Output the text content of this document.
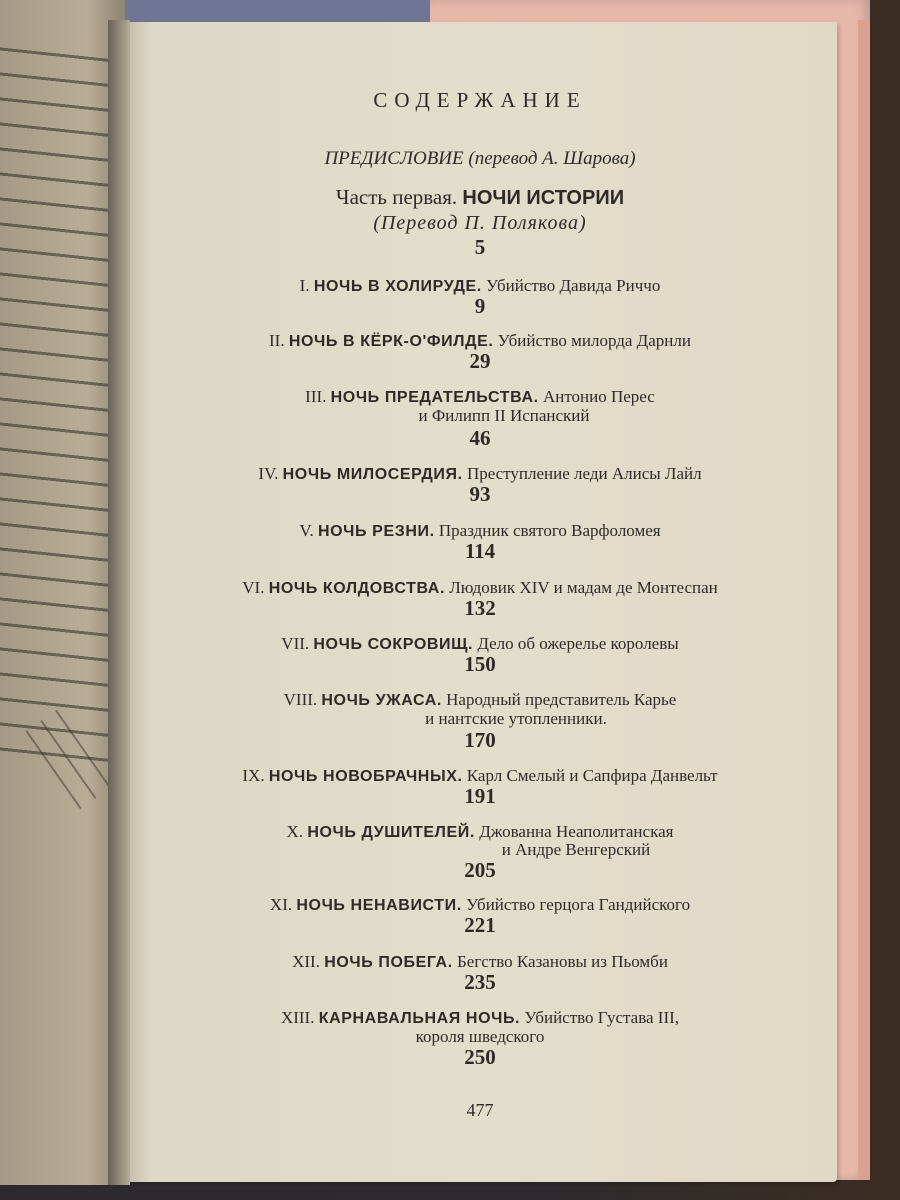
СОДЕРЖАНИЕ
ПРЕДИСЛОВИЕ (перевод А. Шарова)
Часть первая. НОЧИ ИСТОРИИ
(Перевод П. Полякова)
5
I. НОЧЬ В ХОЛИРУДЕ. Убийство Давида Риччо
9
II. НОЧЬ В КЁРК-О'ФИЛДЕ. Убийство милорда Дарнли
29
III. НОЧЬ ПРЕДАТЕЛЬСТВА. Антонио Перес
и Филипп II Испанский
46
IV. НОЧЬ МИЛОСЕРДИЯ. Преступление леди Алисы Лайл
93
V. НОЧЬ РЕЗНИ. Праздник святого Варфоломея
114
VI. НОЧЬ КОЛДОВСТВА. Людовик XIV и мадам де Монтеспан
132
VII. НОЧЬ СОКРОВИЩ. Дело об ожерелье королевы
150
VIII. НОЧЬ УЖАСА. Народный представитель Карье
и нантские утопленники.
170
IX. НОЧЬ НОВОБРАЧНЫХ. Карл Смелый и Сапфира Данвельт
191
X. НОЧЬ ДУШИТЕЛЕЙ. Джованна Неаполитанская
и Андре Венгерский
205
XI. НОЧЬ НЕНАВИСТИ. Убийство герцога Гандийского
221
XII. НОЧЬ ПОБЕГА. Бегство Казановы из Пьомби
235
XIII. КАРНАВАЛЬНАЯ НОЧЬ. Убийство Густава III,
короля шведского
250
477
